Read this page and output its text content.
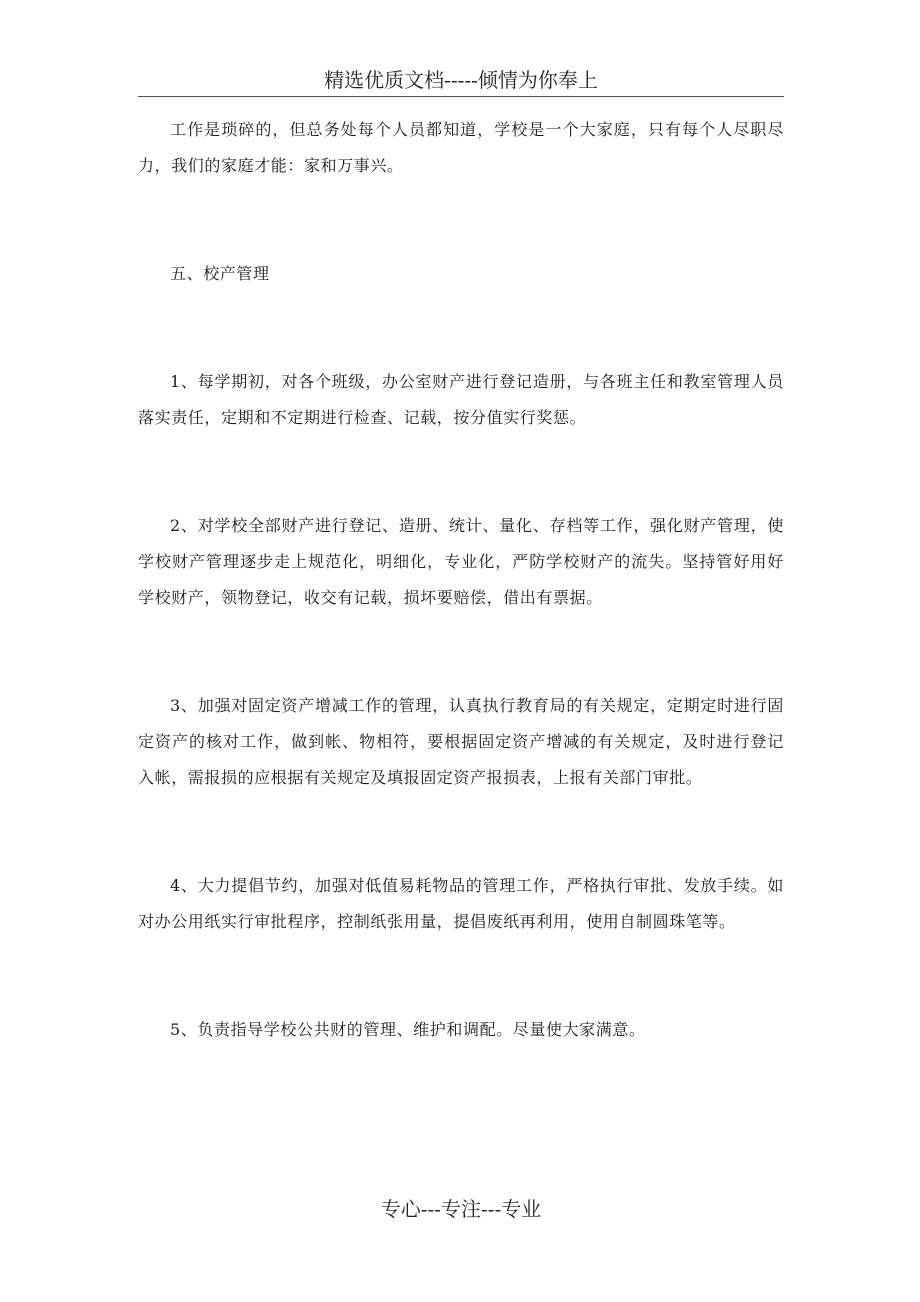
精选优质文档-----倾情为你奉上

工作是琐碎的，但总务处每个人员都知道，学校是一个大家庭，只有每个人尽职尽力，我们的家庭才能：家和万事兴。

五、校产管理

1、每学期初，对各个班级，办公室财产进行登记造册，与各班主任和教室管理人员落实责任，定期和不定期进行检查、记载，按分值实行奖惩。

2、对学校全部财产进行登记、造册、统计、量化、存档等工作，强化财产管理，使学校财产管理逐步走上规范化，明细化，专业化，严防学校财产的流失。坚持管好用好学校财产，领物登记，收交有记载，损坏要赔偿，借出有票据。

3、加强对固定资产增减工作的管理，认真执行教育局的有关规定，定期定时进行固定资产的核对工作，做到帐、物相符，要根据固定资产增减的有关规定，及时进行登记入帐，需报损的应根据有关规定及填报固定资产报损表，上报有关部门审批。

4、大力提倡节约，加强对低值易耗物品的管理工作，严格执行审批、发放手续。如对办公用纸实行审批程序，控制纸张用量，提倡废纸再利用，使用自制圆珠笔等。

5、负责指导学校公共财的管理、维护和调配。尽量使大家满意。

专心---专注---专业
